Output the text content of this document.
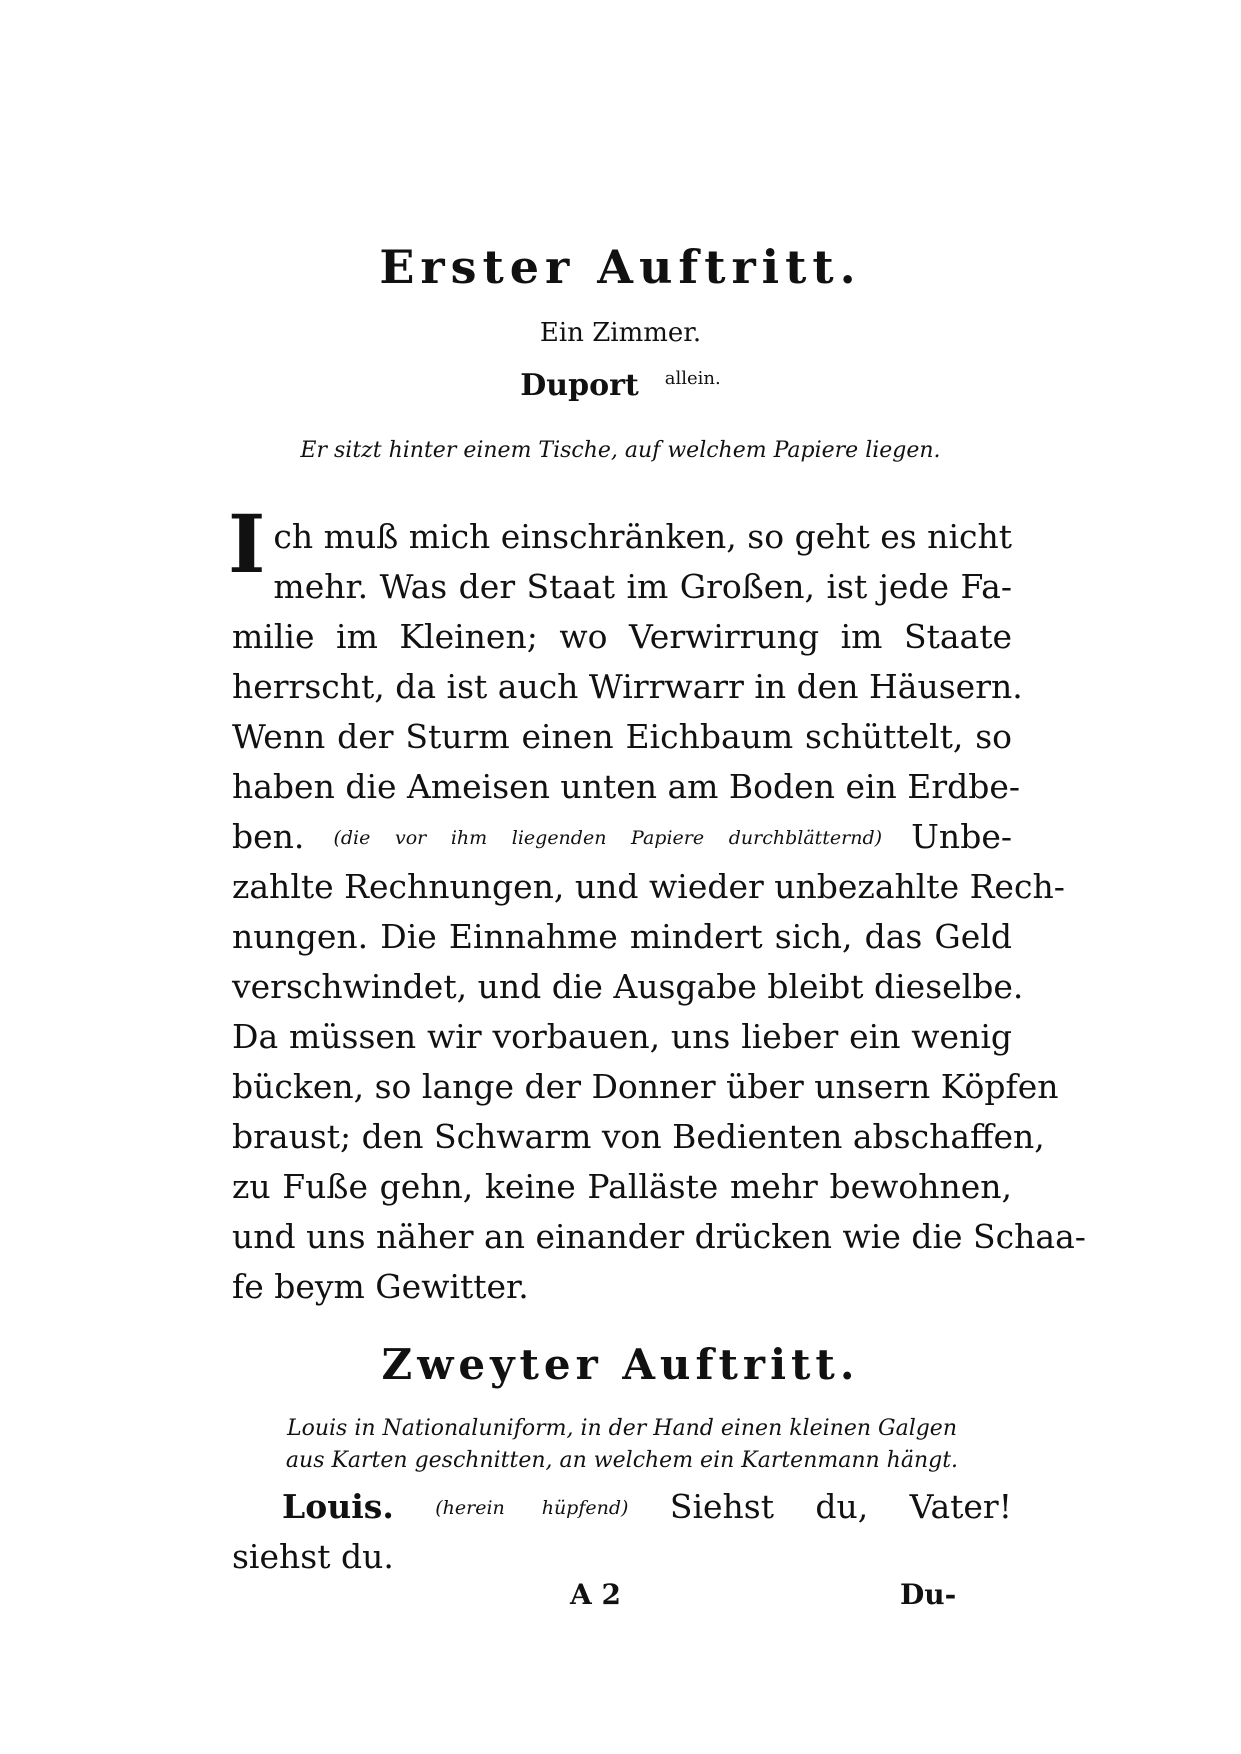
Erster Auftritt.
Ein Zimmer.
Duport $^{allein.}$
Er sitzt hinter einem Tische, auf welchem Papiere liegen.
Ich muß mich einschränken, so geht es nicht
mehr. Was der Staat im Großen, ist jede Fa-
milie im Kleinen; wo Verwirrung im Staate
herrscht, da ist auch Wirrwarr in den Häusern.
Wenn der Sturm einen Eichbaum schüttelt, so
haben die Ameisen unten am Boden ein Erdbe-
ben. (die vor ihm liegenden Papiere durchblätternd) Unbe-
zahlte Rechnungen, und wieder unbezahlte Rech-
nungen. Die Einnahme mindert sich, das Geld
verschwindet, und die Ausgabe bleibt dieselbe.
Da müssen wir vorbauen, uns lieber ein wenig
bücken, so lange der Donner über unsern Köpfen
braust; den Schwarm von Bedienten abschaffen,
zu Fuße gehn, keine Palläste mehr bewohnen,
und uns näher an einander drücken wie die Schaa-
fe beym Gewitter.
Zweyter Auftritt.
Louis in Nationaluniform, in der Hand einen kleinen Galgen
aus Karten geschnitten, an welchem ein Kartenmann hängt.
Louis. (herein hüpfend) Siehst du, Vater!
siehst du.
A 2	Du-
